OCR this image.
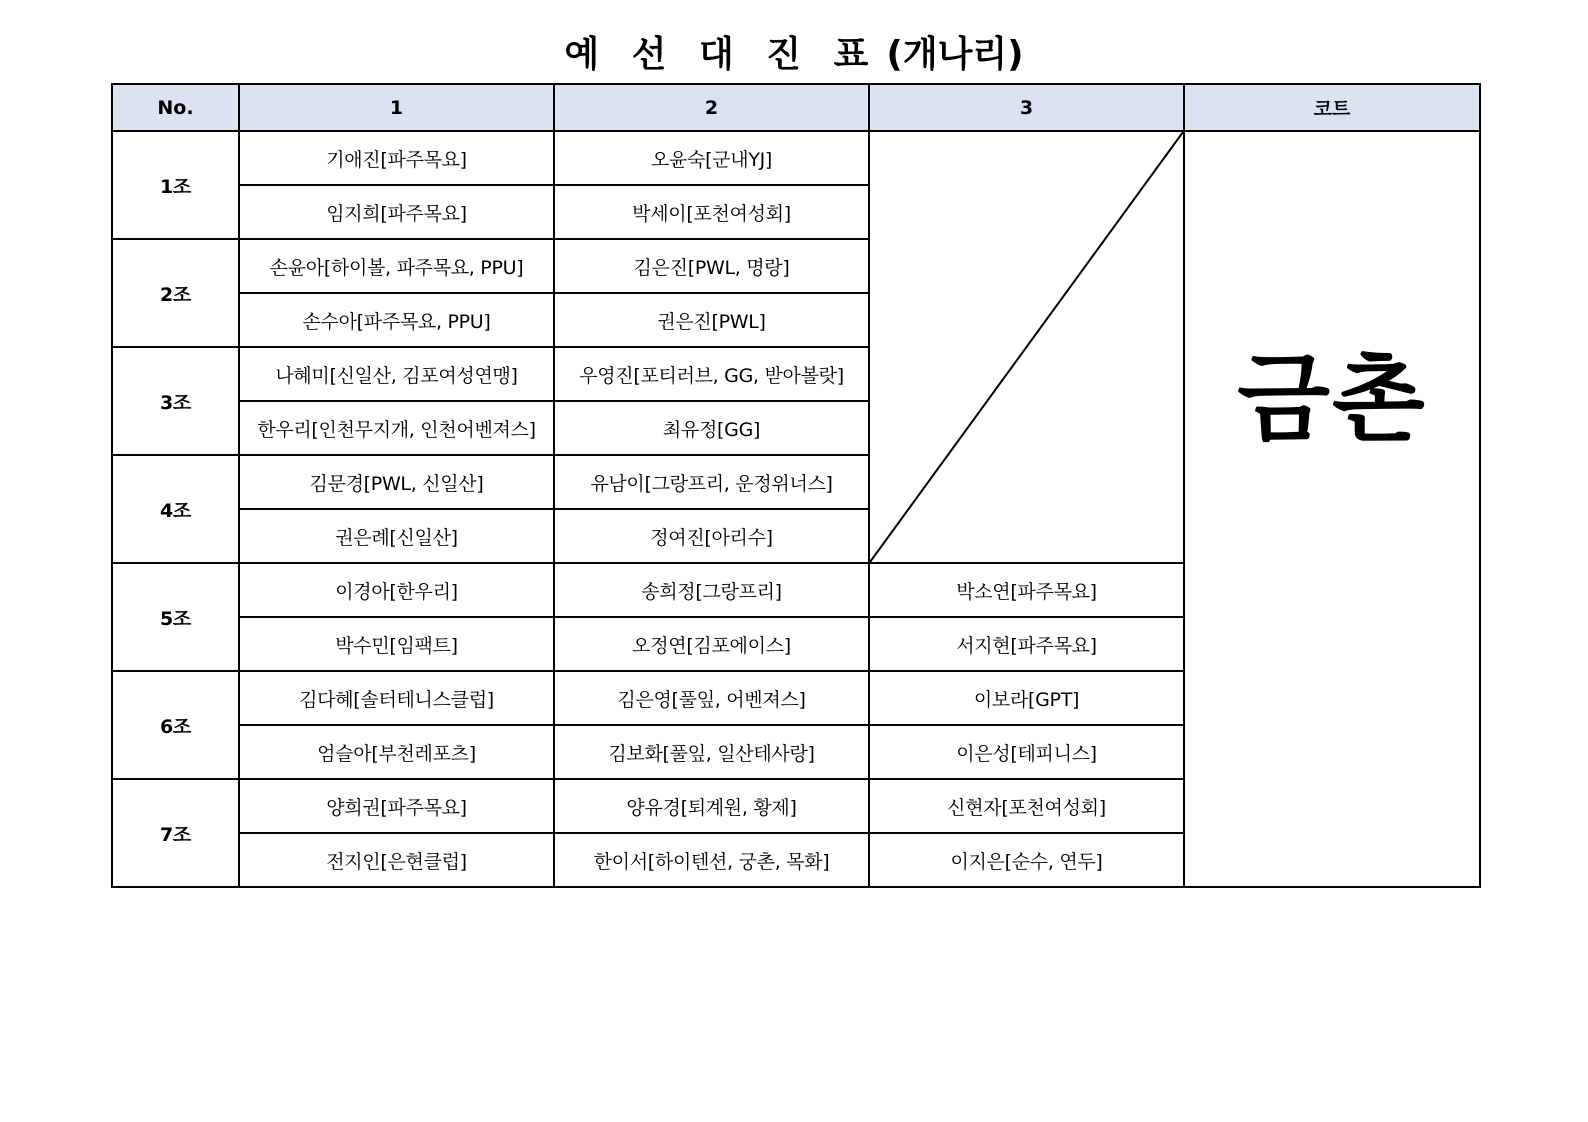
예 선 대 진 표 (개나리)
No.	1	2	3	코트
1조	기애진[파주목요]	오윤숙[군내YJ]		금촌

	임지희[파주목요]	박세이[포천여성회]		
2조	손윤아[하이볼, 파주목요, PPU]	김은진[PWL, 명랑]		
	손수아[파주목요, PPU]	권은진[PWL]		
3조	나혜미[신일산, 김포여성연맹]	우영진[포티러브, GG, 받아볼랏]		
	한우리[인천무지개, 인천어벤져스]	최유정[GG]		
4조	김문경[PWL, 신일산]	유남이[그랑프리, 운정위너스]		
	권은례[신일산]	정여진[아리수]		
5조	이경아[한우리]	송희정[그랑프리]	박소연[파주목요]	
	박수민[임팩트]	오정연[김포에이스]	서지현[파주목요]	
6조	김다혜[솔터테니스클럽]	김은영[풀잎, 어벤져스]	이보라[GPT]	
	엄슬아[부천레포츠]	김보화[풀잎, 일산테사랑]	이은성[테피니스]	
7조	양희권[파주목요]	양유경[퇴계원, 황제]	신현자[포천여성회]	
	전지인[은현클럽]	한이서[하이텐션, 궁촌, 목화]	이지은[순수, 연두]	
